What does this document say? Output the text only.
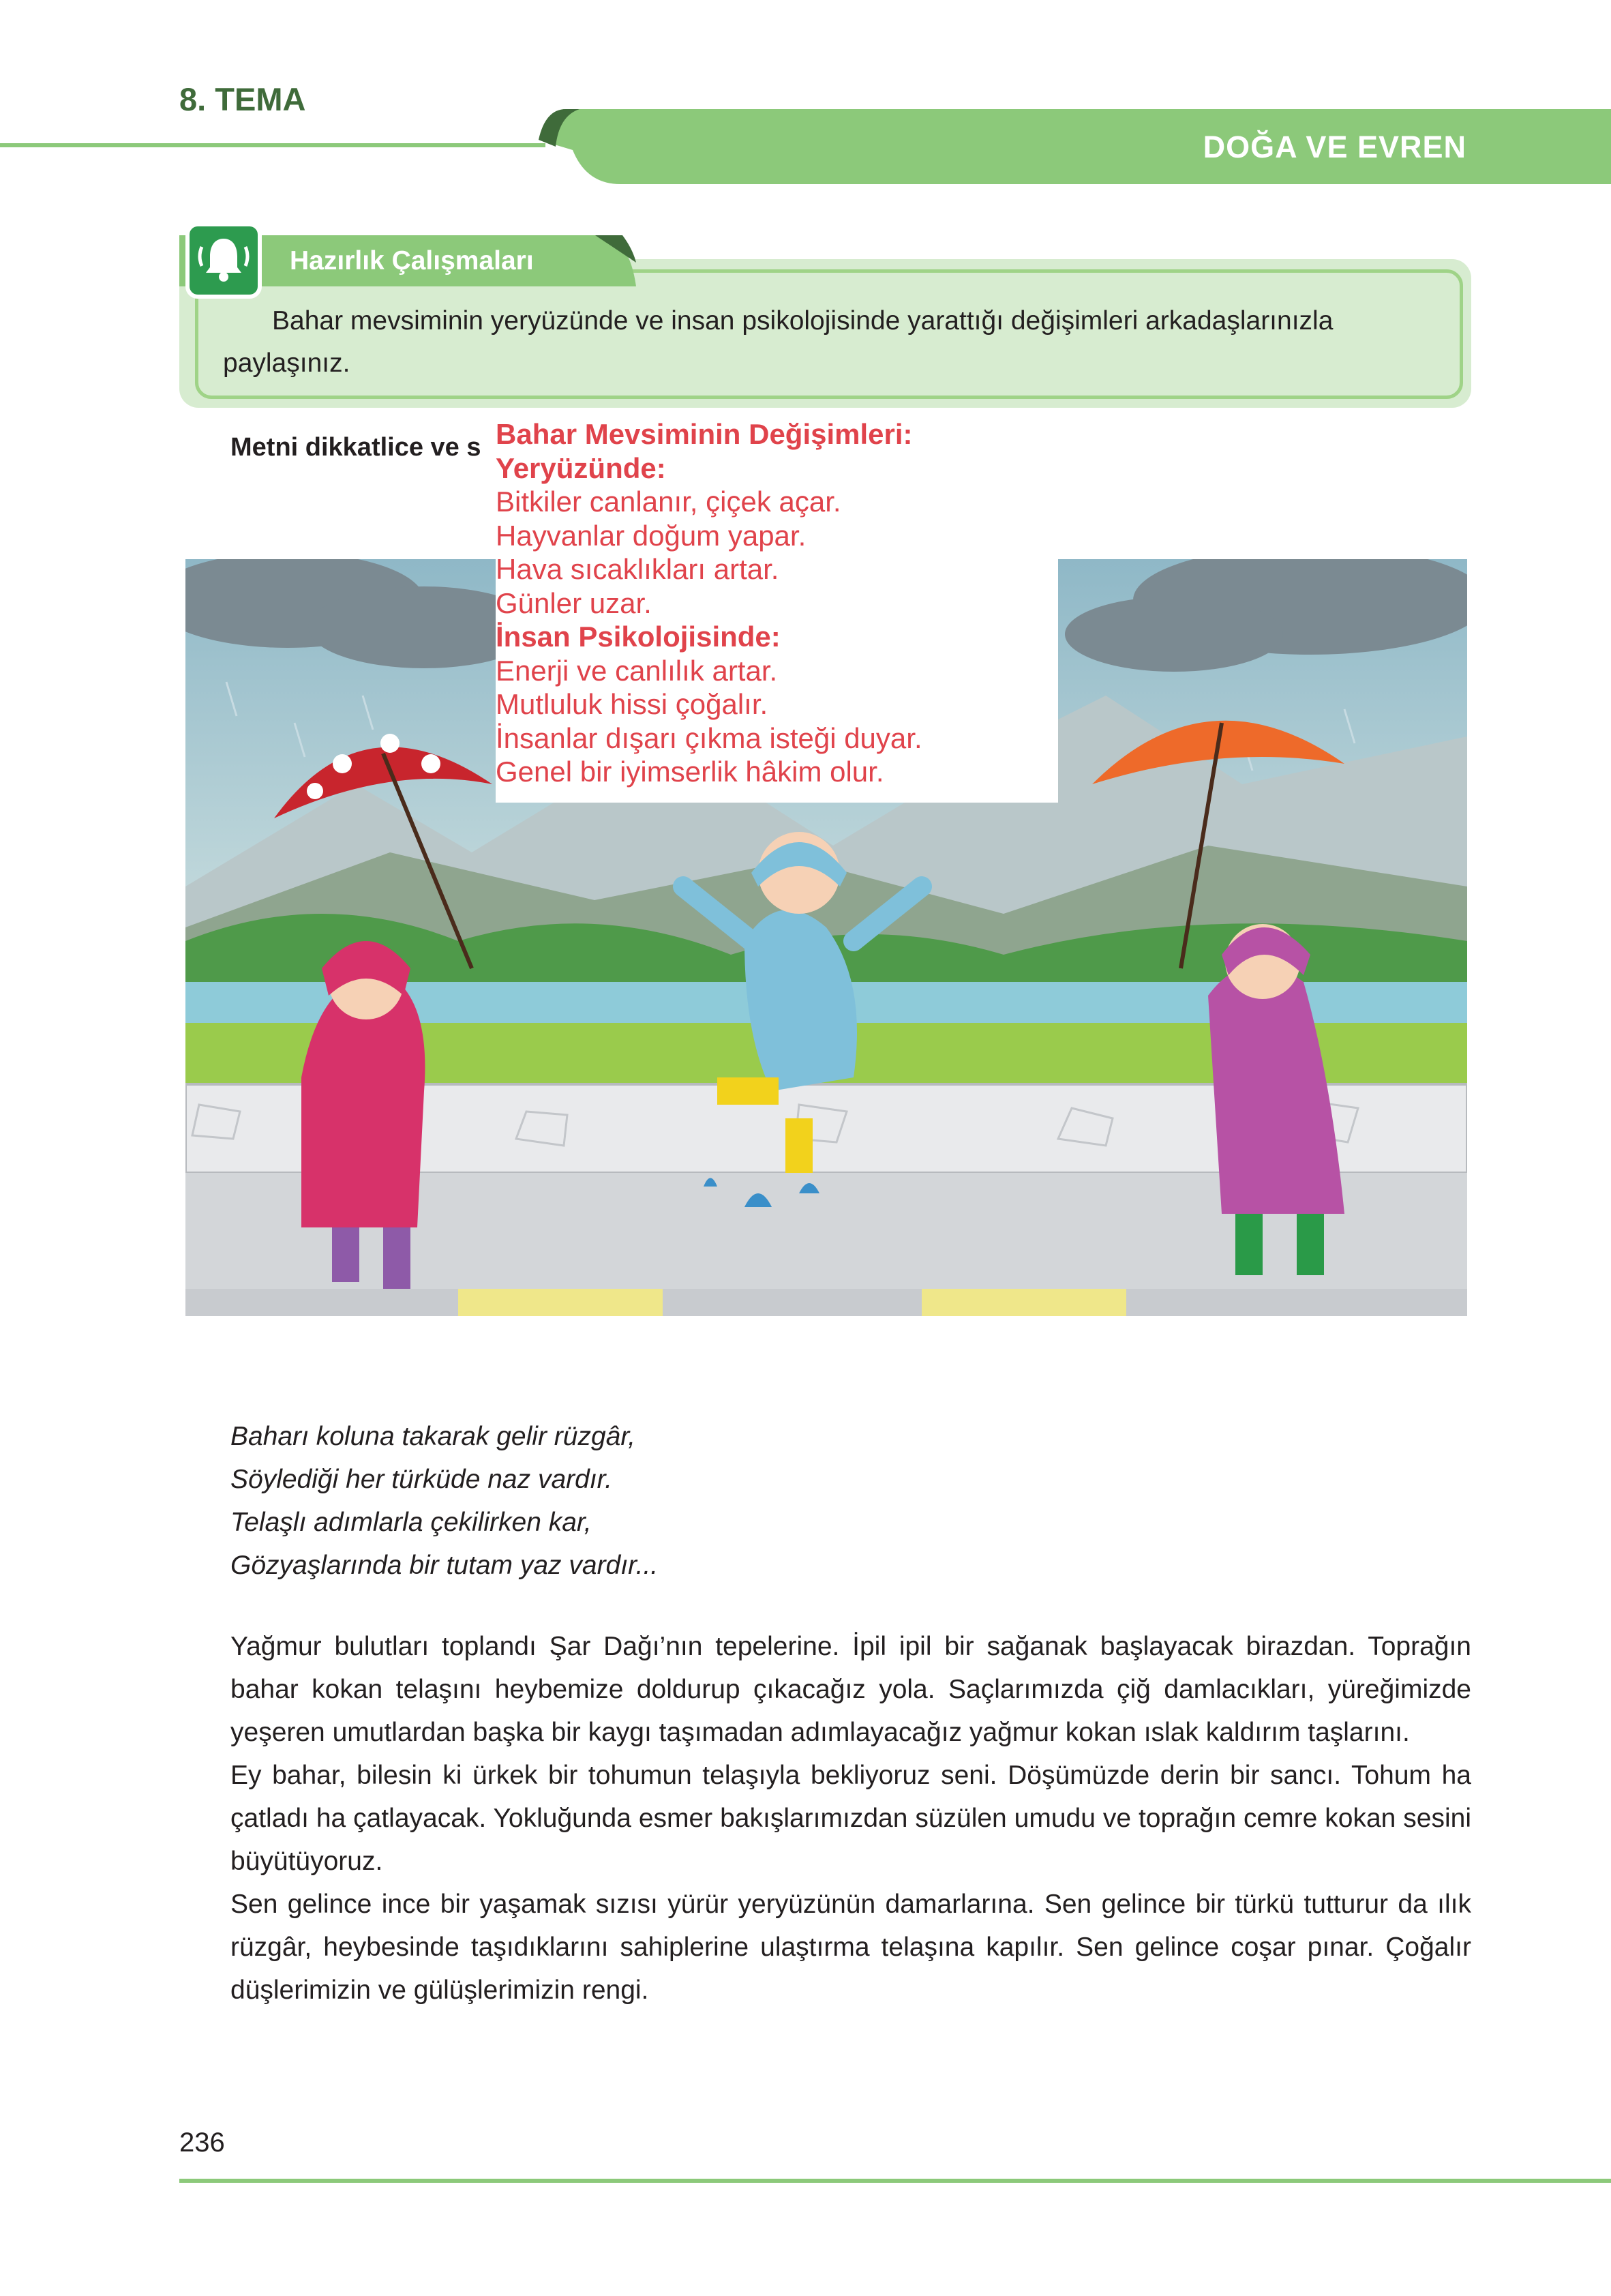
8. TEMA
DOĞA VE EVREN
Hazırlık Çalışmaları
Bahar mevsiminin yeryüzünde ve insan psikolojisinde yarattığı değişimleri arkadaşlarınızla paylaşınız.
Metni dikkatlice ve s Bahar Mevsiminin Değişimleri:
Yeryüzünde:
Bitkiler canlanır, çiçek açar.
Hayvanlar doğum yapar.
Hava sıcaklıkları artar.
Günler uzar.
İnsan Psikolojisinde:
Enerji ve canlılık artar.
Mutluluk hissi çoğalır.
İnsanlar dışarı çıkma isteği duyar.
Genel bir iyimserlik hâkim olur.
Baharı koluna takarak gelir rüzgâr,
Söylediği her türküde naz vardır.
Telaşlı adımlarla çekilirken kar,
Gözyaşlarında bir tutam yaz vardır...

Yağmur bulutları toplandı Şar Dağı’nın tepelerine. İpil ipil bir sağanak başlayacak birazdan. Toprağın bahar kokan telaşını heybemize doldurup çıkacağız yola. Saçlarımızda çiğ damlacıkları, yüreğimizde yeşeren umutlardan başka bir kaygı taşımadan adımlayacağız yağmur kokan ıslak kaldırım taşlarını.

Ey bahar, bilesin ki ürkek bir tohumun telaşıyla bekliyoruz seni. Döşümüzde derin bir sancı. Tohum ha çatladı ha çatlayacak. Yokluğunda esmer bakışlarımızdan süzülen umudu ve toprağın cemre kokan sesini büyütüyoruz.

Sen gelince ince bir yaşamak sızısı yürür yeryüzünün damarlarına. Sen gelince bir türkü tutturur da ılık rüzgâr, heybesinde taşıdıklarını sahiplerine ulaştırma telaşına kapılır. Sen gelince coşar pınar. Çoğalır düşlerimizin ve gülüşlerimizin rengi.

236
